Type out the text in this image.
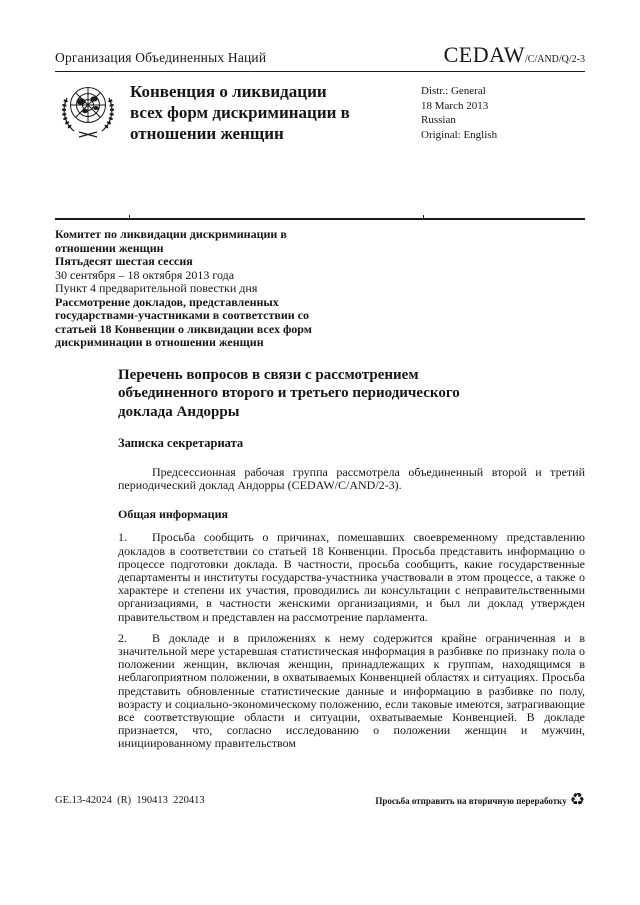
Организация Объединенных Наций	CEDAW/C/AND/Q/2-3
Конвенция о ликвидации всех форм дискриминации в отношении женщин
Distr.: General
18 March 2013
Russian
Original: English
Комитет по ликвидации дискриминации в отношении женщин
Пятьдесят шестая сессия
30 сентября – 18 октября 2013 года
Пункт 4 предварительной повестки дня
Рассмотрение докладов, представленных государствами-участниками в соответствии со статьей 18 Конвенции о ликвидации всех форм дискриминации в отношении женщин
Перечень вопросов в связи с рассмотрением объединенного второго и третьего периодического доклада Андорры
Записка секретариата

Предсессионная рабочая группа рассмотрела объединенный второй и третий периодический доклад Андорры (CEDAW/C/AND/2-3).

Общая информация

1. Просьба сообщить о причинах, помешавших своевременному представлению докладов в соответствии со статьей 18 Конвенции. Просьба представить информацию о процессе подготовки доклада. В частности, просьба сообщить, какие государственные департаменты и институты государства-участника участвовали в этом процессе, а также о характере и степени их участия, проводились ли консультации с неправительственными организациями, в частности женскими организациями, и был ли доклад утвержден правительством и представлен на рассмотрение парламента.

2. В докладе и в приложениях к нему содержится крайне ограниченная и в значительной мере устаревшая статистическая информация в разбивке по признаку пола о положении женщин, включая женщин, принадлежащих к группам, находящимся в неблагоприятном положении, в охватываемых Конвенцией областях и ситуациях. Просьба представить обновленные статистические данные и информацию в разбивке по полу, возрасту и социально-экономическому положению, если таковые имеются, затрагивающие все соответствующие области и ситуации, охватываемые Конвенцией. В докладе признается, что, согласно исследованию о положении женщин и мужчин, инициированному правительством

GE.13-42024  (R)  190413  220413	Просьба отправить на вторичную переработку ♻
